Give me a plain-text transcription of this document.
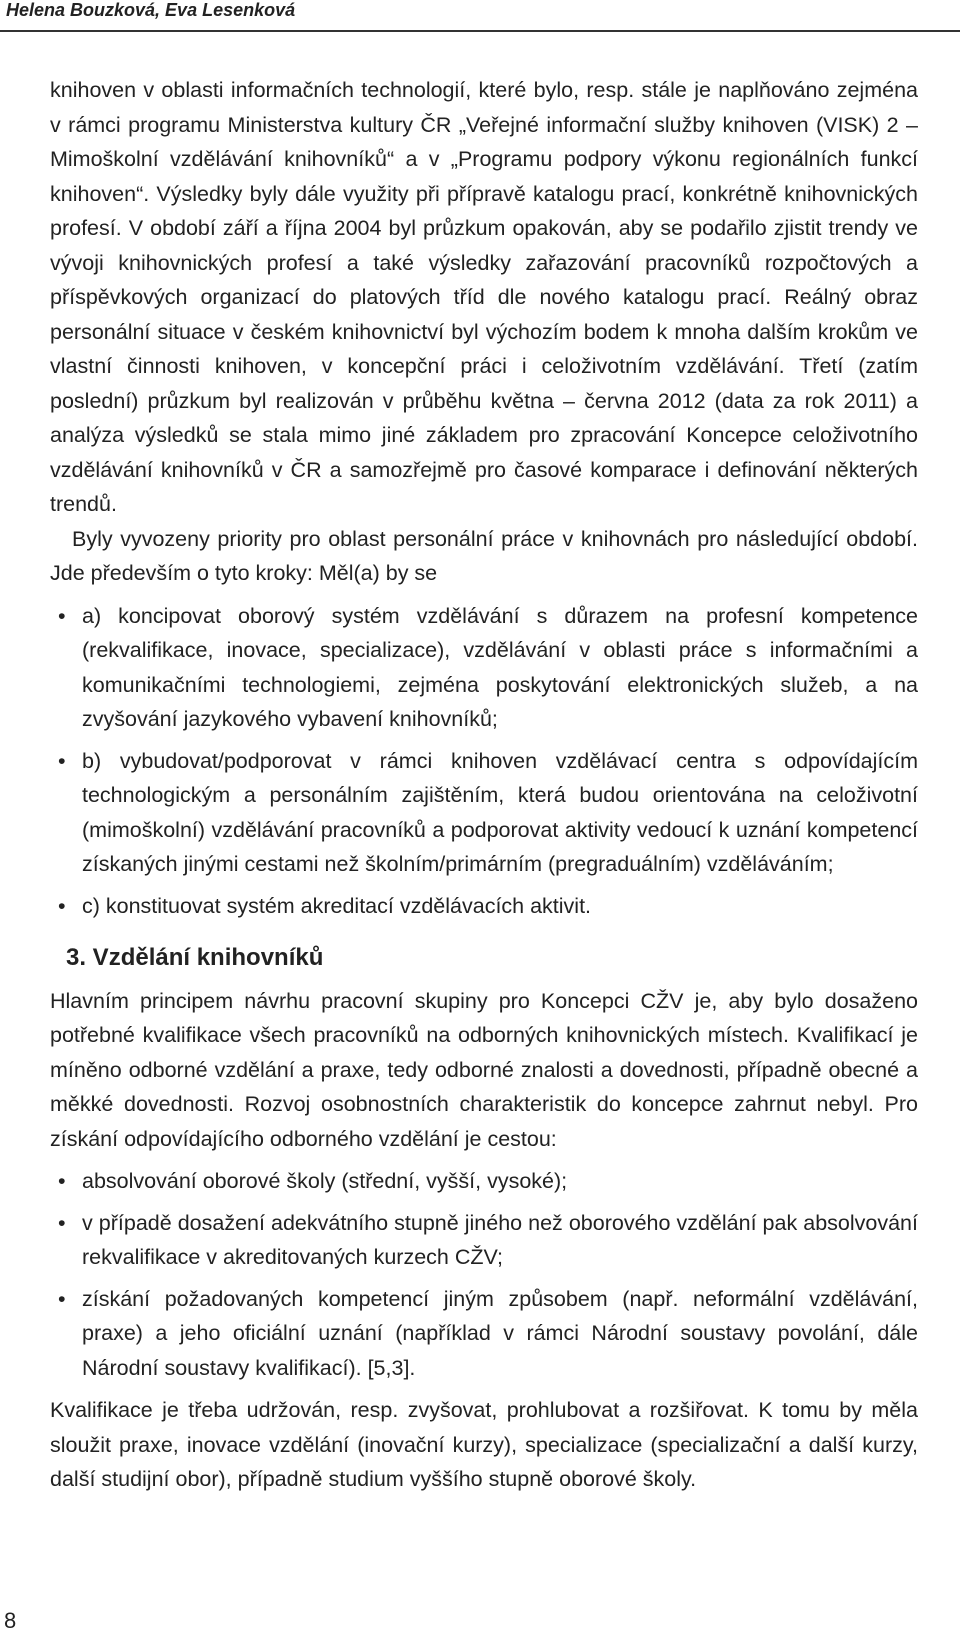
Helena Bouzková, Eva Lesenková

knihoven v oblasti informačních technologií, které bylo, resp. stále je naplňováno zejména v rámci programu Ministerstva kultury ČR „Veřejné informační služby knihoven (VISK) 2 – Mimoškolní vzdělávání knihovníků“ a v „Programu podpory výkonu regionálních funkcí knihoven“. Výsledky byly dále využity při přípravě katalogu prací, konkrétně knihovnických profesí. V období září a října 2004 byl průzkum opakován, aby se podařilo zjistit trendy ve vývoji knihovnických profesí a také výsledky zařazování pracovníků rozpočtových a příspěvkových organizací do platových tříd dle nového katalogu prací. Reálný obraz personální situace v českém knihovnictví byl výchozím bodem k mnoha dalším krokům ve vlastní činnosti knihoven, v koncepční práci i celoživotním vzdělávání. Třetí (zatím poslední) průzkum byl realizován v průběhu května – června 2012 (data za rok 2011) a analýza výsledků se stala mimo jiné základem pro zpracování Koncepce celoživotního vzdělávání knihovníků v ČR a samozřejmě pro časové komparace i definování některých trendů.

Byly vyvozeny priority pro oblast personální práce v knihovnách pro následující období. Jde především o tyto kroky: Měl(a) by se

• a) koncipovat oborový systém vzdělávání s důrazem na profesní kompetence (rekvalifikace, inovace, specializace), vzdělávání v oblasti práce s informačními a komunikačními technologiemi, zejména poskytování elektronických služeb, a na zvyšování jazykového vybavení knihovníků;
• b) vybudovat/podporovat v rámci knihoven vzdělávací centra s odpovídajícím technologickým a personálním zajištěním, která budou orientována na celoživotní (mimoškolní) vzdělávání pracovníků a podporovat aktivity vedoucí k uznání kompetencí získaných jinými cestami než školním/primárním (pregraduálním) vzděláváním;
• c) konstituovat systém akreditací vzdělávacích aktivit.
3. Vzdělání knihovníků

Hlavním principem návrhu pracovní skupiny pro Koncepci CŽV je, aby bylo dosaženo potřebné kvalifikace všech pracovníků na odborných knihovnických místech. Kvalifikací je míněno odborné vzdělání a praxe, tedy odborné znalosti a dovednosti, případně obecné a měkké dovednosti. Rozvoj osobnostních charakteristik do koncepce zahrnut nebyl. Pro získání odpovídajícího odborného vzdělání je cestou:

• absolvování oborové školy (střední, vyšší, vysoké);
• v případě dosažení adekvátního stupně jiného než oborového vzdělání pak absolvování rekvalifikace v akreditovaných kurzech CŽV;
• získání požadovaných kompetencí jiným způsobem (např. neformální vzdělávání, praxe) a jeho oficiální uznání (například v rámci Národní soustavy povolání, dále Národní soustavy kvalifikací). [5,3].

Kvalifikace je třeba udržován, resp. zvyšovat, prohlubovat a rozšiřovat. K tomu by měla sloužit praxe, inovace vzdělání (inovační kurzy), specializace (specializační a další kurzy, další studijní obor), případně studium vyššího stupně oborové školy.

8
